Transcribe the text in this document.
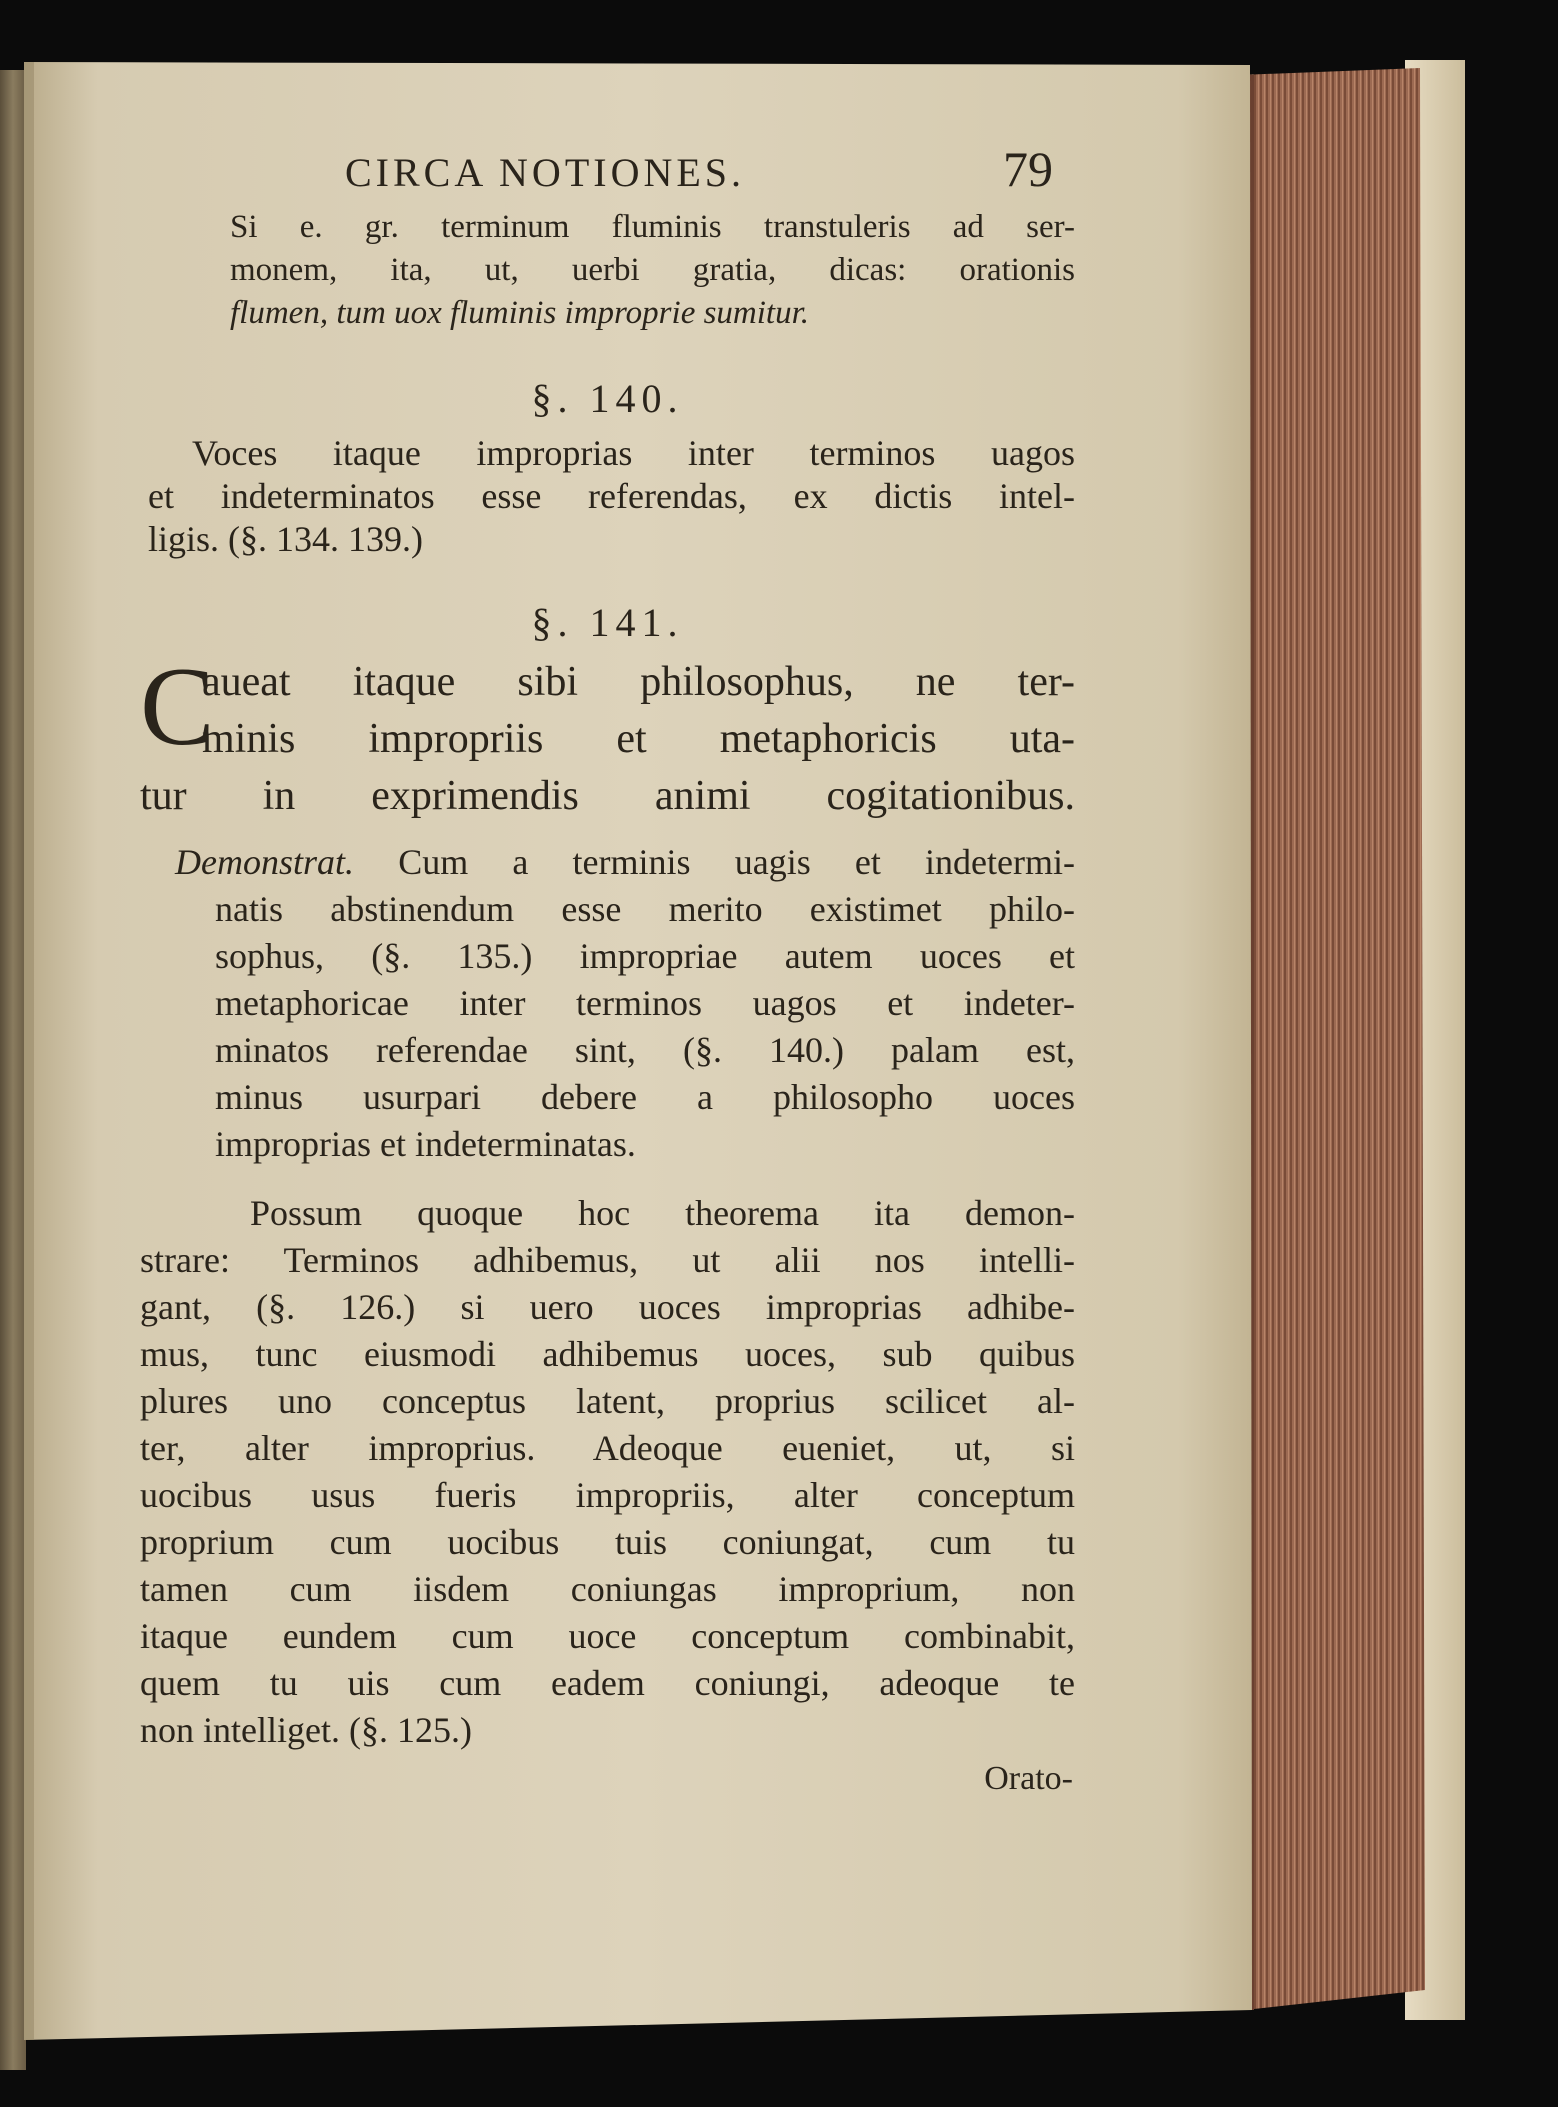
CIRCA NOTIONES.	79
Si e. gr. terminum fluminis transtuleris ad ser-
monem, ita, ut, uerbi gratia, dicas: orationis
flumen, tum uox fluminis improprie sumitur.
§. 140.
Voces itaque improprias inter terminos uagos
et indeterminatos esse referendas, ex dictis intel-
ligis. (§. 134. 139.)
§. 141.
C
aueat itaque sibi philosophus, ne ter-
minis impropriis et metaphoricis uta-
tur in exprimendis animi cogitationibus.
Demonstrat. Cum a terminis uagis et indetermi-
natis abstinendum esse merito existimet philo-
sophus, (§. 135.) impropriae autem uoces et
metaphoricae inter terminos uagos et indeter-
minatos referendae sint, (§. 140.) palam est,
minus usurpari debere a philosopho uoces
improprias et indeterminatas.
Possum quoque hoc theorema ita demon-
strare: Terminos adhibemus, ut alii nos intelli-
gant, (§. 126.) si uero uoces improprias adhibe-
mus, tunc eiusmodi adhibemus uoces, sub quibus
plures uno conceptus latent, proprius scilicet al-
ter, alter improprius. Adeoque eueniet, ut, si
uocibus usus fueris impropriis, alter conceptum
proprium cum uocibus tuis coniungat, cum tu
tamen cum iisdem coniungas improprium, non
itaque eundem cum uoce conceptum combinabit,
quem tu uis cum eadem coniungi, adeoque te
non intelliget. (§. 125.)
Orato-
